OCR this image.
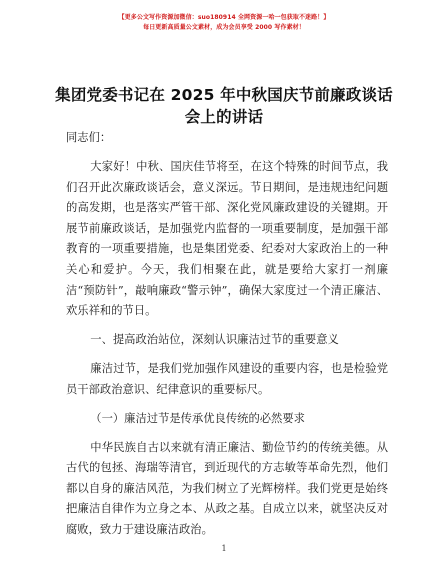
【更多公文写作资源加微信：suo180914 全网资源一哈一包获取不迷路！】
每日更新高质量公文素材，成为会员享受 2000 写作素材！
集团党委书记在 2025 年中秋国庆节前廉政谈话会上的讲话

同志们：

大家好！中秋、国庆佳节将至，在这个特殊的时间节点，我们召开此次廉政谈话会，意义深远。节日期间，是违规违纪问题的高发期，也是落实严管干部、深化党风廉政建设的关键期。开展节前廉政谈话，是加强党内监督的一项重要制度，是加强干部教育的一项重要措施，也是集团党委、纪委对大家政治上的一种关心和爱护。今天，我们相聚在此，就是要给大家打一剂廉洁“预防针”，敲响廉政“警示钟”，确保大家度过一个清正廉洁、欢乐祥和的节日。

一、提高政治站位，深刻认识廉洁过节的重要意义

廉洁过节，是我们党加强作风建设的重要内容，也是检验党员干部政治意识、纪律意识的重要标尺。

（一）廉洁过节是传承优良传统的必然要求

中华民族自古以来就有清正廉洁、勤俭节约的传统美德。从古代的包拯、海瑞等清官，到近现代的方志敏等革命先烈，他们都以自身的廉洁风范，为我们树立了光辉榜样。我们党更是始终把廉洁自律作为立身之本、从政之基。自成立以来，就坚决反对腐败，致力于建设廉洁政治。

1
